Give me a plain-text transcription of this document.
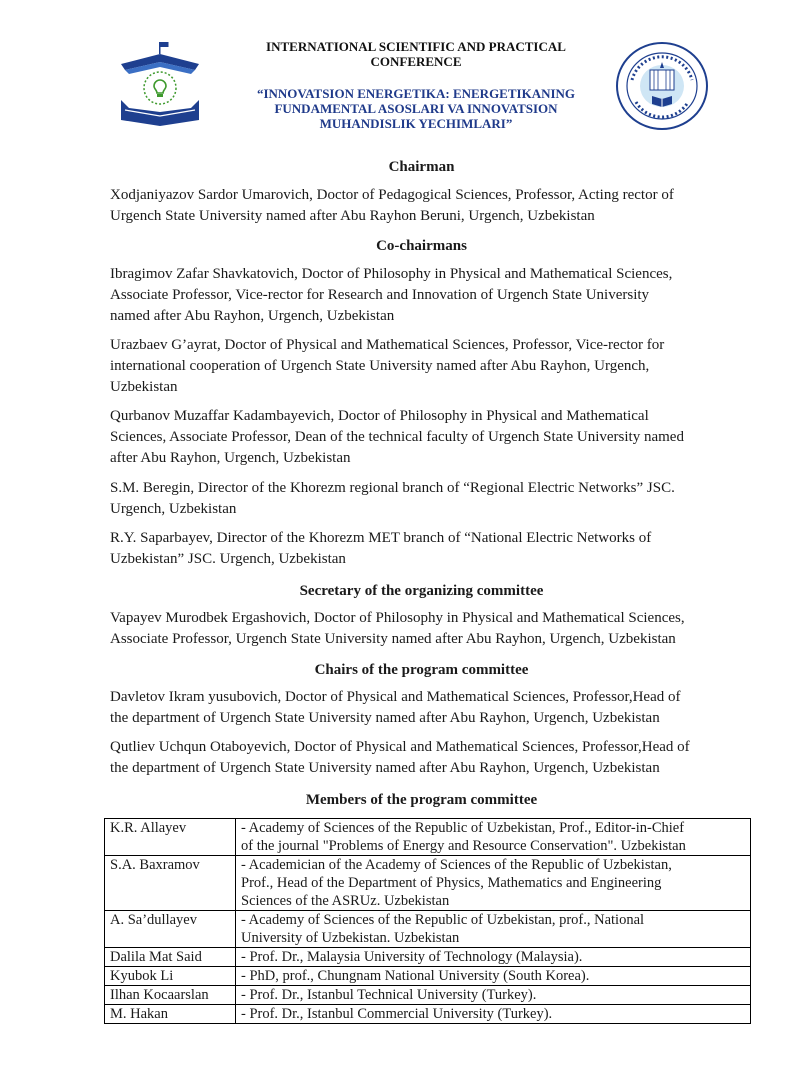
INTERNATIONAL SCIENTIFIC AND PRACTICAL
CONFERENCE
“INNOVATSION ENERGETIKA: ENERGETIKANING
FUNDAMENTAL ASOSLARI VA INNOVATSION
MUHANDISLIK YECHIMLARI”
Chairman
Xodjaniyazov Sardor Umarovich, Doctor of Pedagogical Sciences, Professor, Acting rector of
Urgench State University named after Abu Rayhon Beruni, Urgench, Uzbekistan
Co-chairmans
Ibragimov Zafar Shavkatovich, Doctor of Philosophy in Physical and Mathematical Sciences,
Associate Professor, Vice-rector for Research and Innovation of Urgench State University
named after Abu Rayhon, Urgench, Uzbekistan
Urazbaev G’ayrat, Doctor of Physical and Mathematical Sciences, Professor, Vice-rector for
international cooperation of Urgench State University named after Abu Rayhon, Urgench,
Uzbekistan
Qurbanov Muzaffar Kadambayevich, Doctor of Philosophy in Physical and Mathematical
Sciences, Associate Professor, Dean of the technical faculty of Urgench State University named
after Abu Rayhon, Urgench, Uzbekistan
S.M. Beregin, Director of the Khorezm regional branch of “Regional Electric Networks” JSC.
Urgench, Uzbekistan
R.Y. Saparbayev, Director of the Khorezm MET branch of “National Electric Networks of
Uzbekistan” JSC. Urgench, Uzbekistan
Secretary of the organizing committee
Vapayev Murodbek Ergashovich, Doctor of Philosophy in Physical and Mathematical Sciences,
Associate Professor, Urgench State University named after Abu Rayhon, Urgench, Uzbekistan
Chairs of the program committee
Davletov Ikram yusubovich, Doctor of Physical and Mathematical Sciences, Professor,Head of
the department of Urgench State University named after Abu Rayhon, Urgench, Uzbekistan
Qutliev Uchqun Otaboyevich, Doctor of Physical and Mathematical Sciences, Professor,Head of
the department of Urgench State University named after Abu Rayhon, Urgench, Uzbekistan
Members of the program committee
K.R. Allayev	- Academy of Sciences of the Republic of Uzbekistan, Prof., Editor-in-Chief
of the journal "Problems of Energy and Resource Conservation". Uzbekistan

S.A. Baxramov	- Academician of the Academy of Sciences of the Republic of Uzbekistan,
Prof., Head of the Department of Physics, Mathematics and Engineering
Sciences of the ASRUz. Uzbekistan

A. Sa’dullayev	- Academy of Sciences of the Republic of Uzbekistan, prof., National
University of Uzbekistan. Uzbekistan

Dalila Mat Said	- Prof. Dr., Malaysia University of Technology (Malaysia).

Kyubok Li	- PhD, prof., Chungnam National University (South Korea).

Ilhan Kocaarslan	- Prof. Dr., Istanbul Technical University (Turkey).

M. Hakan	- Prof. Dr., Istanbul Commercial University (Turkey).
